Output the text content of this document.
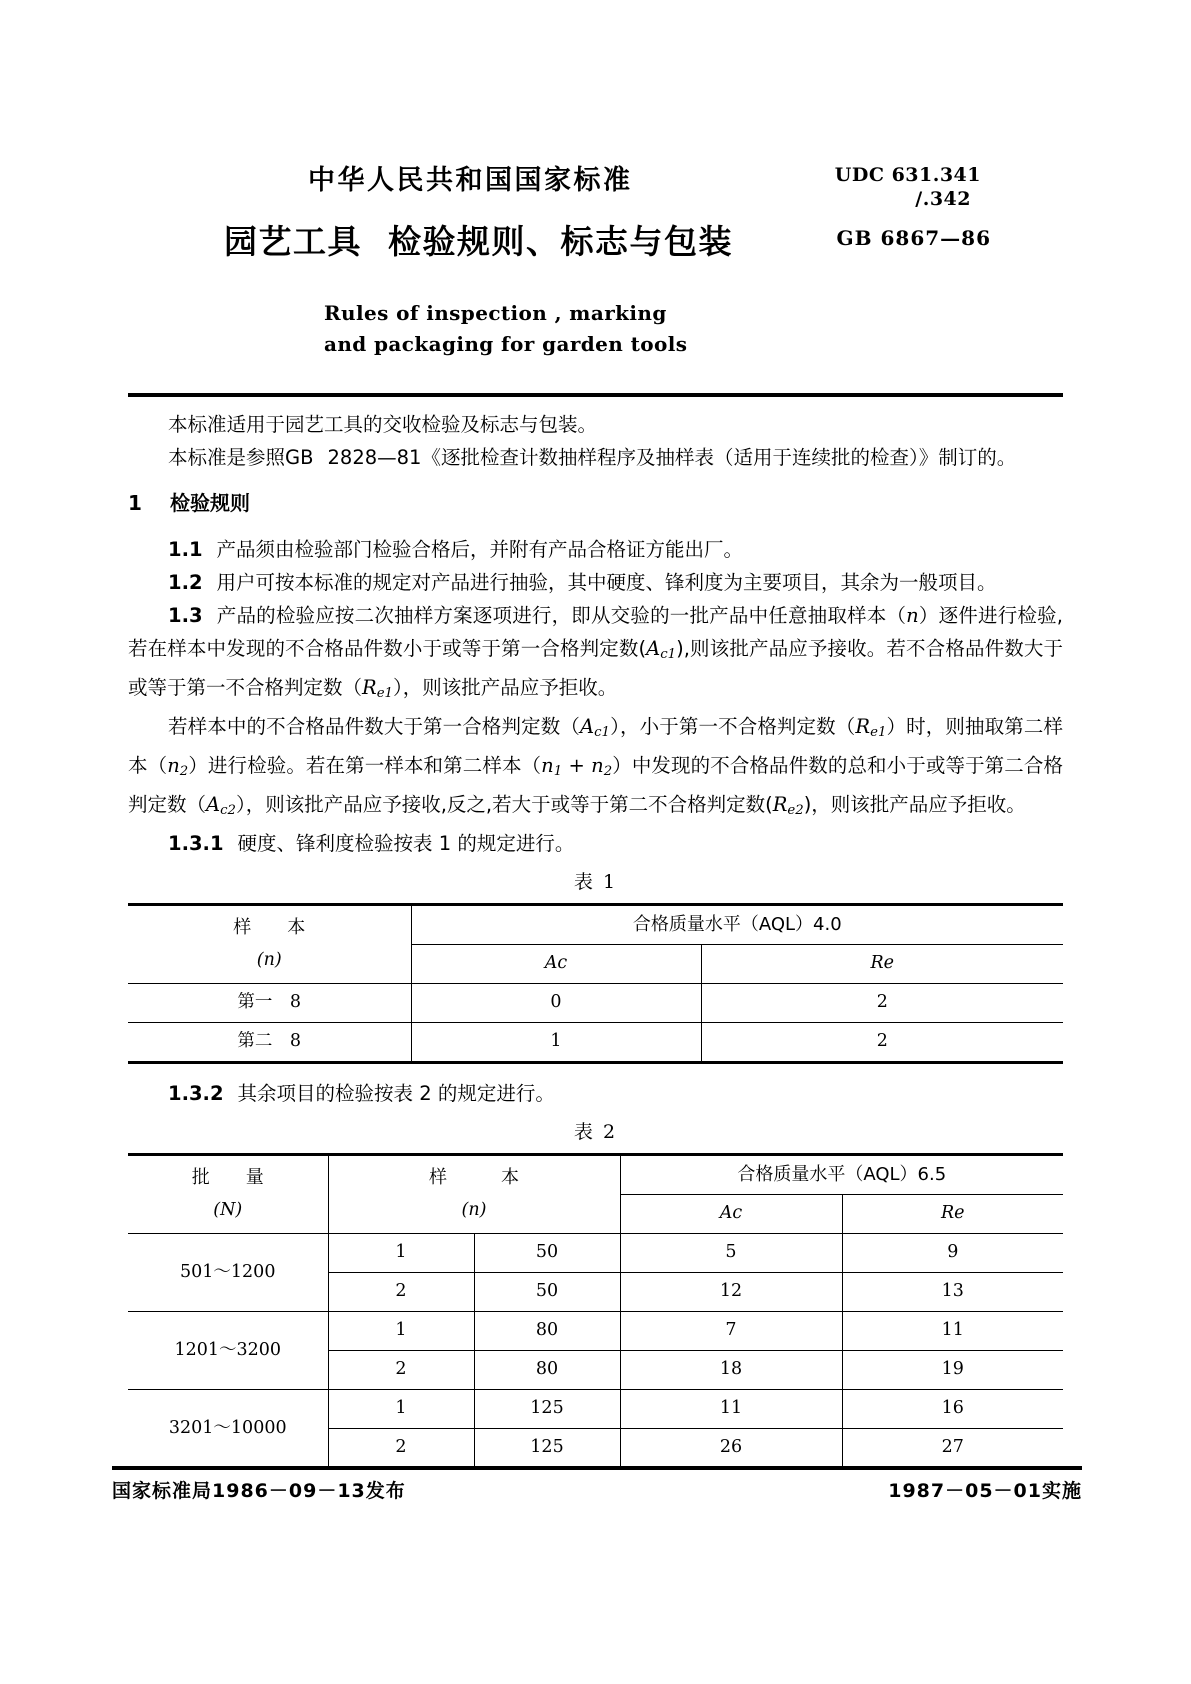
中华人民共和国国家标准	UDC 631.341
/.342
园艺工具 检验规则、标志与包装	GB 6867—86
Rules of inspection , marking
and packaging for garden tools

本标准适用于园艺工具的交收检验及标志与包装。

本标准是参照GB 2828—81《逐批检查计数抽样程序及抽样表（适用于连续批的检查）》制订的。

1 检验规则

1.1 产品须由检验部门检验合格后，并附有产品合格证方能出厂。

1.2 用户可按本标准的规定对产品进行抽验，其中硬度、锋利度为主要项目，其余为一般项目。

1.3 产品的检验应按二次抽样方案逐项进行，即从交验的一批产品中任意抽取样本（n）逐件进行检验,若在样本中发现的不合格品件数小于或等于第一合格判定数$(A_{c1})$,则该批产品应予接收。若不合格品件数大于或等于第一不合格判定数$(R_{e1})$，则该批产品应予拒收。

若样本中的不合格品件数大于第一合格判定数$(A_{c1})$，小于第一不合格判定数$(R_{e1})$时，则抽取第二样本$(n_2)$进行检验。若在第一样本和第二样本$(n_1 + n_2)$中发现的不合格品件数的总和小于或等于第二合格判定数$(A_{c2})$，则该批产品应予接收,反之,若大于或等于第二不合格判定数$(R_{e2})$，则该批产品应予拒收。

1.3.1 硬度、锋利度检验按表 1 的规定进行。

表 1
样　　本
(n)	合格质量水平（AQL）4.0	
	Ac	Re
第一　8	0	2
第二　8	1	2

1.3.2 其余项目的检验按表 2 的规定进行。

表 2
批　　量
(N)

样　　　本
(n)
	合格质量水平（AQL）6.5
			Ac	Re
501～1200	1	50	5	9
	2	50	12	13
1201～3200	1	80	7	11
	2	80	18	19
3201～10000	1	125	11	16
	2	125	26	27
国家标准局1986－09－13发布	1987－05－01实施
